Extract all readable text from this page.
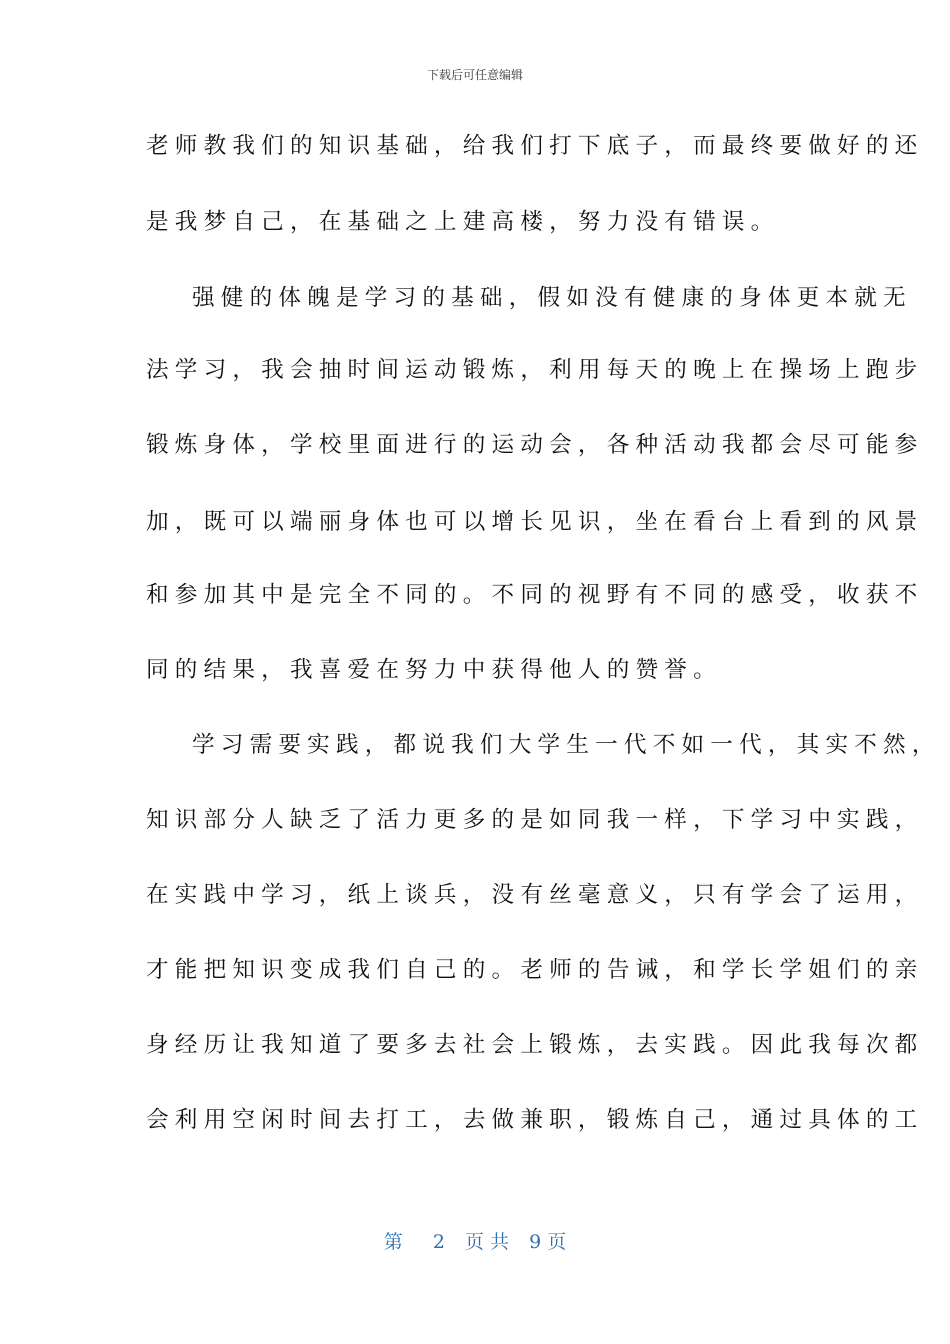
下载后可任意编辑
老师教我们的知识基础，给我们打下底子，而最终要做好的还
是我梦自己，在基础之上建高楼，努力没有错误。
强健的体魄是学习的基础，假如没有健康的身体更本就无
法学习，我会抽时间运动锻炼，利用每天的晚上在操场上跑步
锻炼身体，学校里面进行的运动会，各种活动我都会尽可能参
加，既可以端丽身体也可以增长见识，坐在看台上看到的风景
和参加其中是完全不同的。不同的视野有不同的感受，收获不
同的结果，我喜爱在努力中获得他人的赞誉。
学习需要实践，都说我们大学生一代不如一代，其实不然，
知识部分人缺乏了活力更多的是如同我一样，下学习中实践，
在实践中学习，纸上谈兵，没有丝毫意义，只有学会了运用，
才能把知识变成我们自己的。老师的告诫，和学长学姐们的亲
身经历让我知道了要多去社会上锻炼，去实践。因此我每次都
会利用空闲时间去打工，去做兼职，锻炼自己，通过具体的工
第 2 页 共 9 页
